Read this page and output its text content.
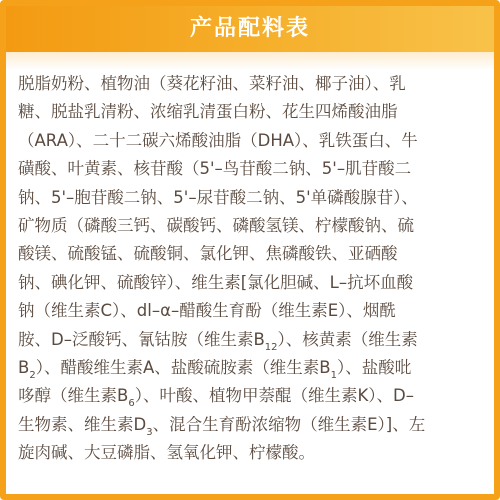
产品配料表
脱脂奶粉、植物油（葵花籽油、菜籽油、椰子油）、乳
糖、脱盐乳清粉、浓缩乳清蛋白粉、花生四烯酸油脂
（ARA）、二十二碳六烯酸油脂（DHA）、乳铁蛋白、牛
磺酸、叶黄素、核苷酸（5'–鸟苷酸二钠、5'–肌苷酸二
钠、5'–胞苷酸二钠、5'–尿苷酸二钠、5'单磷酸腺苷）、
矿物质（磷酸三钙、碳酸钙、磷酸氢镁、柠檬酸钠、硫
酸镁、硫酸锰、硫酸铜、氯化钾、焦磷酸铁、亚硒酸
钠、碘化钾、硫酸锌）、维生素[氯化胆碱、L–抗坏血酸
钠（维生素C）、dl–α–醋酸生育酚（维生素E）、烟酰
胺、D–泛酸钙、氰钴胺（维生素$B_{12}$）、核黄素（维生素
$B_2$）、醋酸维生素A、盐酸硫胺素（维生素$B_1$）、盐酸吡
哆醇（维生素$B_6$）、叶酸、植物甲萘醌（维生素K）、D–
生物素、维生素$D_3$、混合生育酚浓缩物（维生素E）]、左
旋肉碱、大豆磷脂、氢氧化钾、柠檬酸。
